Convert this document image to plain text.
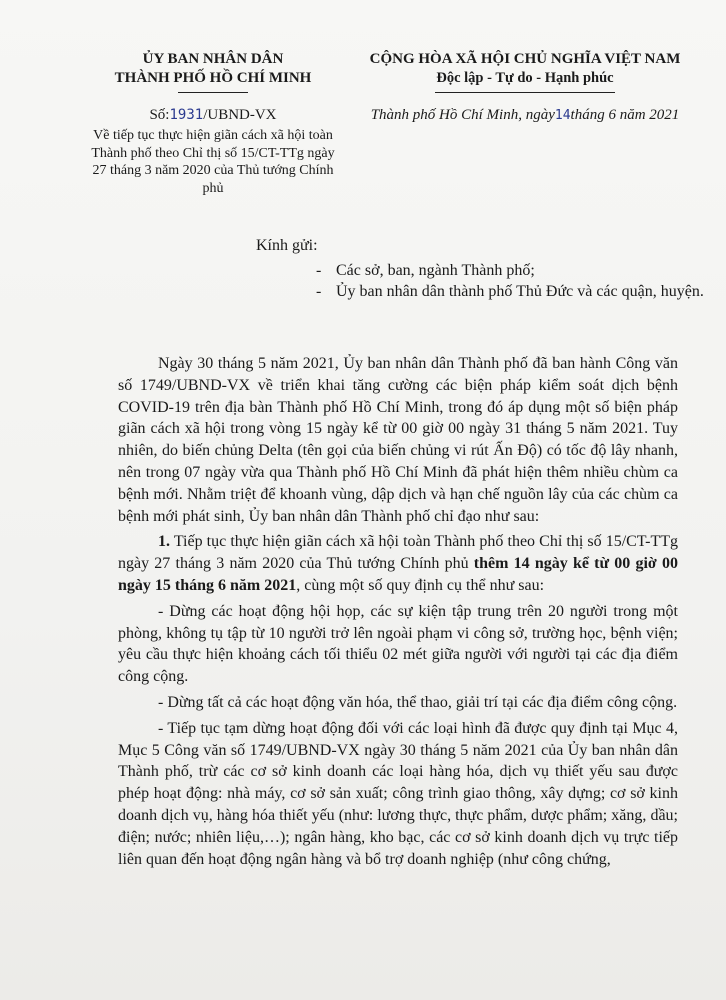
ỦY BAN NHÂN DÂN
THÀNH PHỐ HỒ CHÍ MINH
CỘNG HÒA XÃ HỘI CHỦ NGHĨA VIỆT NAM
Độc lập - Tự do - Hạnh phúc
Số:1931/UBND-VX
Về tiếp tục thực hiện giãn cách xã hội toàn Thành phố theo Chỉ thị số 15/CT-TTg ngày 27 tháng 3 năm 2020 của Thủ tướng Chính phủ
Thành phố Hồ Chí Minh, ngày14tháng 6 năm 2021
Kính gửi:
- Các sở, ban, ngành Thành phố;
- Ủy ban nhân dân thành phố Thủ Đức và các quận, huyện.

Ngày 30 tháng 5 năm 2021, Ủy ban nhân dân Thành phố đã ban hành Công văn số 1749/UBND-VX về triển khai tăng cường các biện pháp kiểm soát dịch bệnh COVID-19 trên địa bàn Thành phố Hồ Chí Minh, trong đó áp dụng một số biện pháp giãn cách xã hội trong vòng 15 ngày kể từ 00 giờ 00 ngày 31 tháng 5 năm 2021. Tuy nhiên, do biến chủng Delta (tên gọi của biến chủng vi rút Ấn Độ) có tốc độ lây nhanh, nên trong 07 ngày vừa qua Thành phố Hồ Chí Minh đã phát hiện thêm nhiều chùm ca bệnh mới. Nhằm triệt để khoanh vùng, dập dịch và hạn chế nguồn lây của các chùm ca bệnh mới phát sinh, Ủy ban nhân dân Thành phố chỉ đạo như sau:

1. Tiếp tục thực hiện giãn cách xã hội toàn Thành phố theo Chỉ thị số 15/CT-TTg ngày 27 tháng 3 năm 2020 của Thủ tướng Chính phủ thêm 14 ngày kể từ 00 giờ 00 ngày 15 tháng 6 năm 2021, cùng một số quy định cụ thể như sau:

- Dừng các hoạt động hội họp, các sự kiện tập trung trên 20 người trong một phòng, không tụ tập từ 10 người trở lên ngoài phạm vi công sở, trường học, bệnh viện; yêu cầu thực hiện khoảng cách tối thiểu 02 mét giữa người với người tại các địa điểm công cộng.

- Dừng tất cả các hoạt động văn hóa, thể thao, giải trí tại các địa điểm công cộng.

- Tiếp tục tạm dừng hoạt động đối với các loại hình đã được quy định tại Mục 4, Mục 5 Công văn số 1749/UBND-VX ngày 30 tháng 5 năm 2021 của Ủy ban nhân dân Thành phố, trừ các cơ sở kinh doanh các loại hàng hóa, dịch vụ thiết yếu sau được phép hoạt động: nhà máy, cơ sở sản xuất; công trình giao thông, xây dựng; cơ sở kinh doanh dịch vụ, hàng hóa thiết yếu (như: lương thực, thực phẩm, dược phẩm; xăng, dầu; điện; nước; nhiên liệu,…); ngân hàng, kho bạc, các cơ sở kinh doanh dịch vụ trực tiếp liên quan đến hoạt động ngân hàng và bổ trợ doanh nghiệp (như công chứng,
